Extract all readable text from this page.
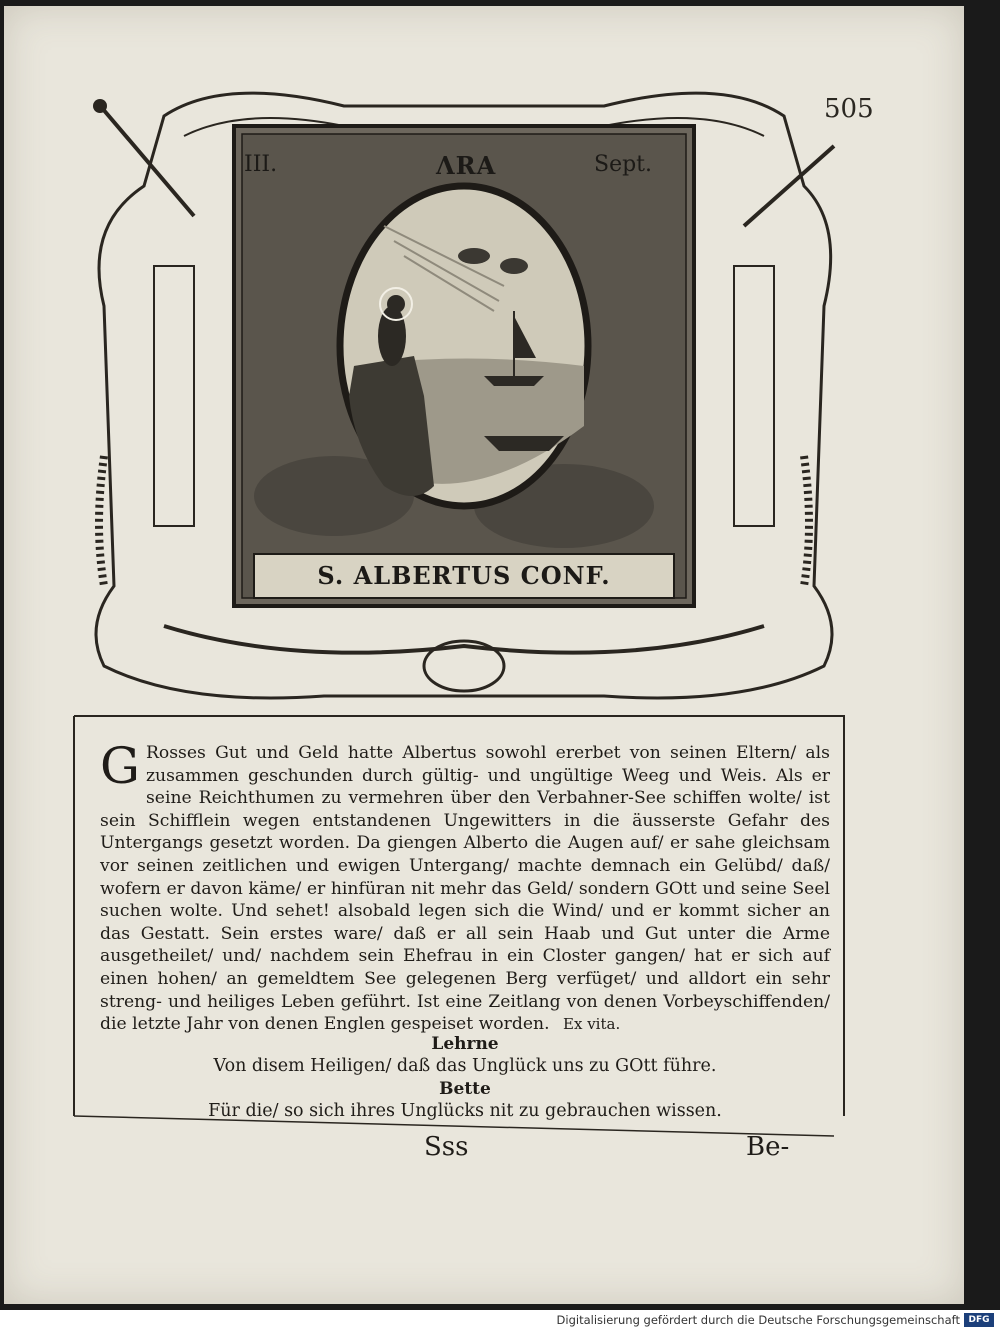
505
III.	ΛRA	Sept.
S. ALBERTUS CONF.
G Rosses Gut und Geld hatte Albertus sowohl ererbet von seinen Eltern/ als zusammen geschunden durch gültig- und ungültige Weeg und Weis. Als er seine Reichthumen zu vermehren über den Verbahner-See schiffen wolte/ ist sein Schifflein wegen entstandenen Ungewitters in die äusserste Gefahr des Untergangs gesetzt worden. Da giengen Alberto die Augen auf/ er sahe gleichsam vor seinen zeitlichen und ewigen Untergang/ machte demnach ein Gelübd/ daß/ wofern er davon käme/ er hinfüran nit mehr das Geld/ sondern GOtt und seine Seel suchen wolte. Und sehet! alsobald legen sich die Wind/ und er kommt sicher an das Gestatt. Sein erstes ware/ daß er all sein Haab und Gut unter die Arme ausgetheilet/ und/ nachdem sein Ehefrau in ein Closter gangen/ hat er sich auf einen hohen/ an gemeldtem See gelegenen Berg verfüget/ und alldort ein sehr streng- und heiliges Leben geführt. Ist eine Zeitlang von denen Vorbeyschiffenden/ die letzte Jahr von denen Englen gespeiset worden. Ex vita.
Lehrne
Von disem Heiligen/ daß das Unglück uns zu GOtt führe.
Bette
Für die/ so sich ihres Unglücks nit zu gebrauchen wissen.
Sss	Be-
Digitalisierung gefördert durch die Deutsche Forschungsgemeinschaft DFG
